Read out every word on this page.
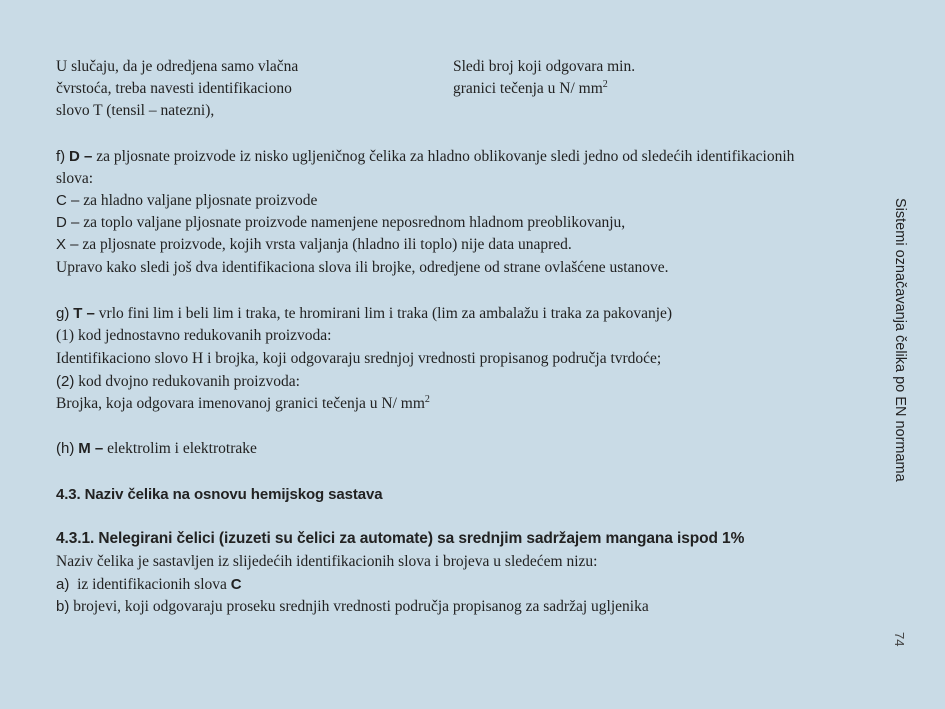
U slučaju, da je odredjena samo vlačna
čvrstoća, treba navesti identifikaciono
slovo T (tensil – natezni),
Sledi broj koji odgovara min.
granici tečenja u N/ $mm^2$
f) D – za pljosnate proizvode iz nisko ugljeničnog čelika za hladno oblikovanje sledi jedno od sledećih identifikacionih
slova:
C – za hladno valjane pljosnate proizvode
D – za toplo valjane pljosnate proizvode namenjene neposrednom hladnom preoblikovanju,
X – za pljosnate proizvode, kojih vrsta valjanja (hladno ili toplo) nije data unapred.
Upravo kako sledi još dva identifikaciona slova ili brojke, odredjene od strane ovlašćene ustanove.
g) T – vrlo fini lim i beli lim i traka, te hromirani lim i traka (lim za ambalažu i traka za pakovanje)
(1) kod jednostavno redukovanih proizvoda:
Identifikaciono slovo H i brojka, koji odgovaraju srednjoj vrednosti propisanog područja tvrdoće;
(2) kod dvojno redukovanih proizvoda:
Brojka, koja odgovara imenovanoj granici tečenja u N/ $mm^2$
(h) M – elektrolim i elektrotrake
4.3. Naziv čelika na osnovu hemijskog sastava
4.3.1. Nelegirani čelici (izuzeti su čelici za automate) sa srednjim sadržajem mangana ispod 1%
Naziv čelika je sastavljen iz slijedećih identifikacionih slova i brojeva u sledećem nizu:
a) iz identifikacionih slova C
b) brojevi, koji odgovaraju proseku srednjih vrednosti područja propisanog za sadržaj ugljenika
Sistemi označavanja čelika po EN normama
74
